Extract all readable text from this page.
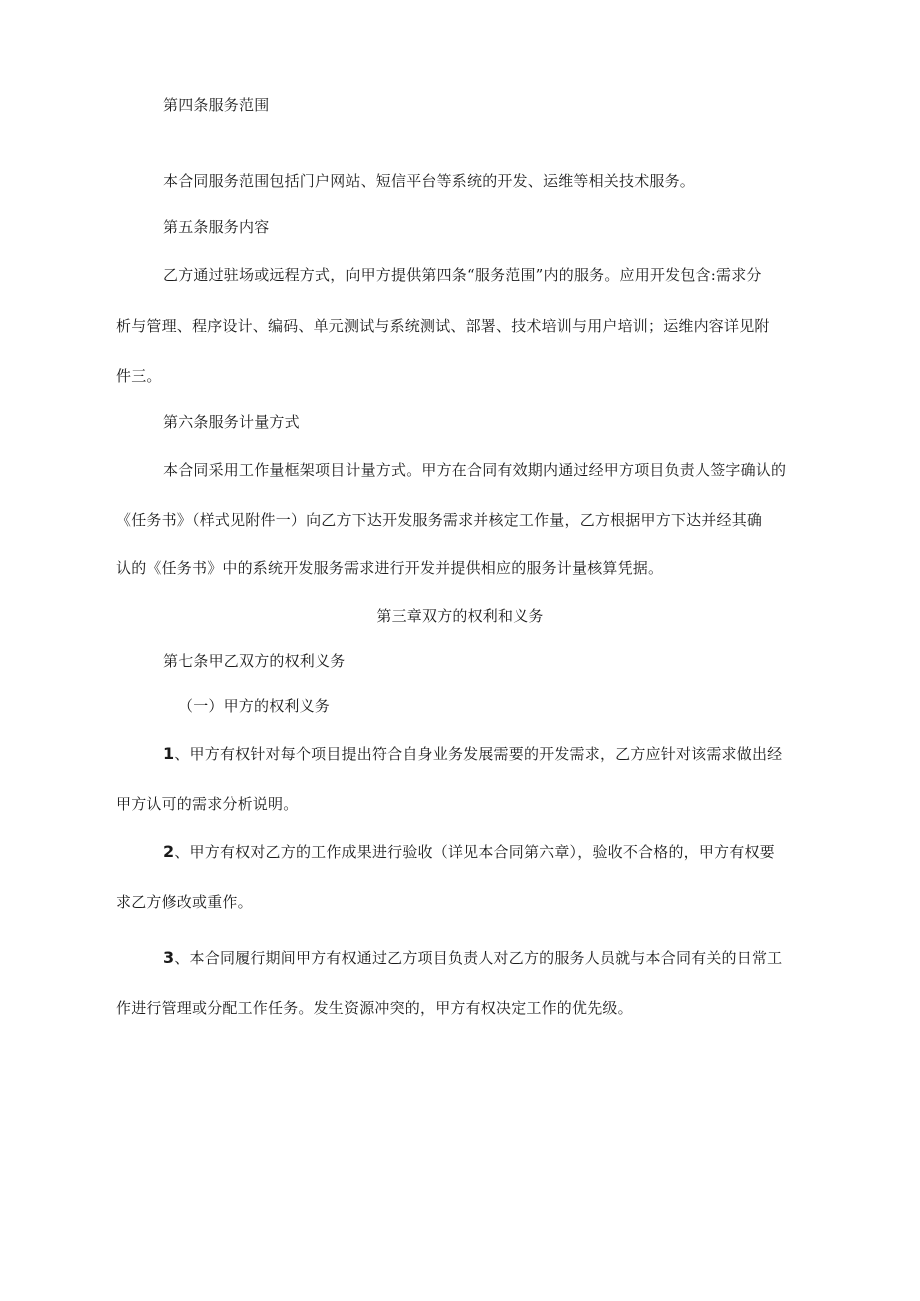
第四条服务范围

本合同服务范围包括门户网站、短信平台等系统的开发、运维等相关技术服务。

第五条服务内容

乙方通过驻场或远程方式，向甲方提供第四条“服务范围”内的服务。应用开发包含:需求分

析与管理、程序设计、编码、单元测试与系统测试、部署、技术培训与用户培训；运维内容详见附

件三。

第六条服务计量方式

本合同采用工作量框架项目计量方式。甲方在合同有效期内通过经甲方项目负责人签字确认的

《任务书》（样式见附件一）向乙方下达开发服务需求并核定工作量，乙方根据甲方下达并经其确

认的《任务书》中的系统开发服务需求进行开发并提供相应的服务计量核算凭据。

第三章双方的权利和义务

第七条甲乙双方的权利义务

（一）甲方的权利义务

1、甲方有权针对每个项目提出符合自身业务发展需要的开发需求，乙方应针对该需求做出经

甲方认可的需求分析说明。

2、甲方有权对乙方的工作成果进行验收（详见本合同第六章），验收不合格的，甲方有权要

求乙方修改或重作。

3、本合同履行期间甲方有权通过乙方项目负责人对乙方的服务人员就与本合同有关的日常工

作进行管理或分配工作任务。发生资源冲突的，甲方有权决定工作的优先级。
